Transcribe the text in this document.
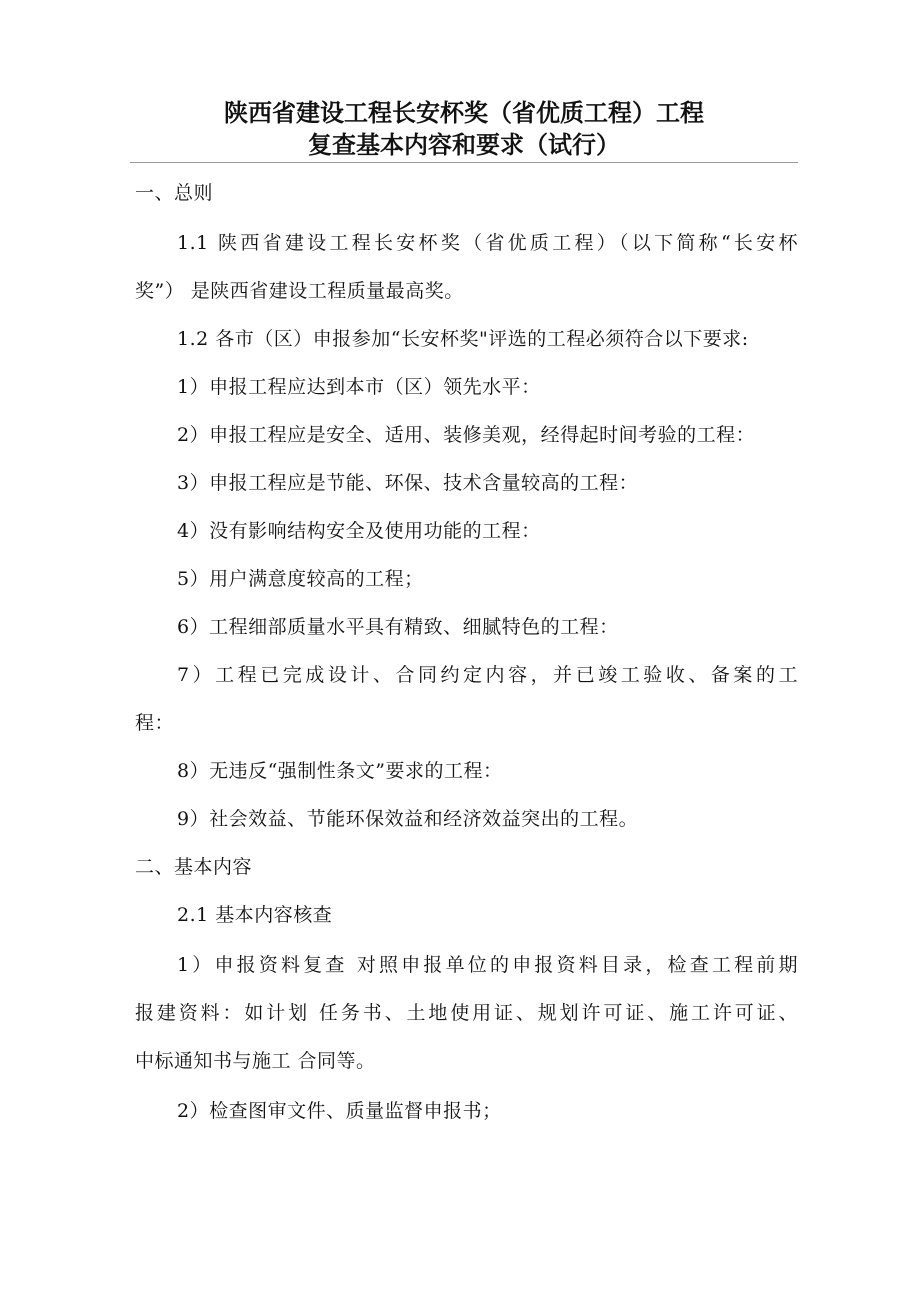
陕西省建设工程长安杯奖（省优质工程）工程
复查基本内容和要求（试行）
一、总则
1.1 陕西省建设工程长安杯奖（省优质工程）（以下简称“长安杯
奖”） 是陕西省建设工程质量最高奖。
1.2 各市（区）申报参加“长安杯奖"评选的工程必须符合以下要求:
1）申报工程应达到本市（区）领先水平：
2）申报工程应是安全、适用、装修美观，经得起时间考验的工程：
3）申报工程应是节能、环保、技术含量较高的工程：
4）没有影响结构安全及使用功能的工程：
5）用户满意度较高的工程；
6）工程细部质量水平具有精致、细腻特色的工程：
7）工程已完成设计、合同约定内容，并已竣工验收、备案的工
程：
8）无违反“强制性条文”要求的工程：
9）社会效益、节能环保效益和经济效益突出的工程。
二、基本内容
2.1 基本内容核查
1）申报资料复查 对照申报单位的申报资料目录，检查工程前期
报建资料：如计划 任务书、土地使用证、规划许可证、施工许可证、
中标通知书与施工 合同等。
2）检查图审文件、质量监督申报书；
